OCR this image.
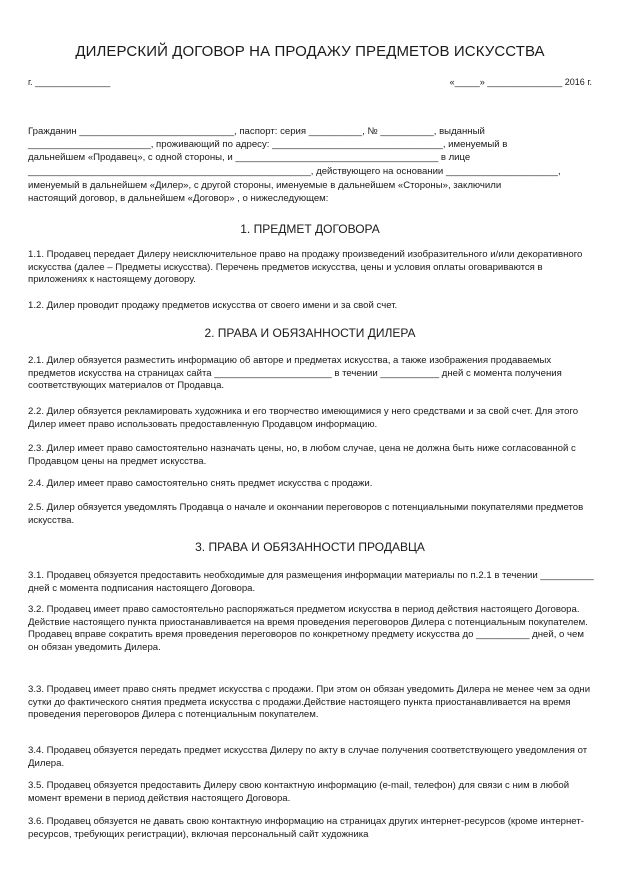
ДИЛЕРСКИЙ ДОГОВОР НА ПРОДАЖУ ПРЕДМЕТОВ ИСКУССТВА
г. _______________	«_____» _______________ 2016 г.
Гражданин _____________________________, паспорт: серия __________, № __________, выданный
_______________________, проживающий по адресу: ________________________________, именуемый в
дальнейшем «Продавец», с одной стороны, и ______________________________________ в лице
_____________________________________________________, действующего на основании _____________________,
именуемый в дальнейшем «Дилер», с другой стороны, именуемые в дальнейшем «Стороны», заключили
настоящий договор, в дальнейшем «Договор» , о нижеследующем:
1. ПРЕДМЕТ ДОГОВОРА

1.1. Продавец передает Дилеру неисключительное право на продажу произведений изобразительного и/или декоративного искусства (далее – Предметы искусства). Перечень предметов искусства, цены и условия оплаты оговариваются в приложениях к настоящему договору.

1.2. Дилер проводит продажу предметов искусства от своего имени и за свой счет.

2. ПРАВА И ОБЯЗАННОСТИ ДИЛЕРА

2.1. Дилер обязуется разместить информацию об авторе и предметах искусства, а также изображения продаваемых предметов искусства на страницах сайта ______________________ в течении ___________ дней с момента получения соответствующих материалов от Продавца.

2.2. Дилер обязуется рекламировать художника и его творчество имеющимися у него средствами и за свой счет. Для этого Дилер имеет право использовать предоставленную Продавцом информацию.

2.3. Дилер имеет право самостоятельно назначать цены, но, в любом случае, цена не должна быть ниже согласованной с Продавцом цены на предмет искусства.

2.4. Дилер имеет право самостоятельно снять предмет искусства с продажи.

2.5. Дилер обязуется уведомлять Продавца о начале и окончании переговоров с потенциальными покупателями предметов искусства.

3. ПРАВА И ОБЯЗАННОСТИ ПРОДАВЦА

3.1. Продавец обязуется предоставить необходимые для размещения информации материалы по п.2.1 в течении __________ дней с момента подписания настоящего Договора.

3.2. Продавец имеет право самостоятельно распоряжаться предметом искусства в период действия настоящего Договора. Действие настоящего пункта приостанавливается на время проведения переговоров Дилера с потенциальным покупателем. Продавец вправе сократить время проведения переговоров по конкретному предмету искусства до __________ дней, о чем он обязан уведомить Дилера.

3.3. Продавец имеет право снять предмет искусства с продажи. При этом он обязан уведомить Дилера не менее чем за одни сутки до фактического снятия предмета искусства с продажи.Действие настоящего пункта приостанавливается на время проведения переговоров Дилера с потенциальным покупателем.

3.4. Продавец обязуется передать предмет искусства Дилеру по акту в случае получения соответствующего уведомления от Дилера.

3.5. Продавец обязуется предоставить Дилеру свою контактную информацию (e-mail, телефон) для связи с ним в любой момент времени в период действия настоящего Договора.

3.6. Продавец обязуется не давать свою контактную информацию на страницах других интернет-ресурсов (кроме интернет-ресурсов, требующих регистрации), включая персональный сайт художника
